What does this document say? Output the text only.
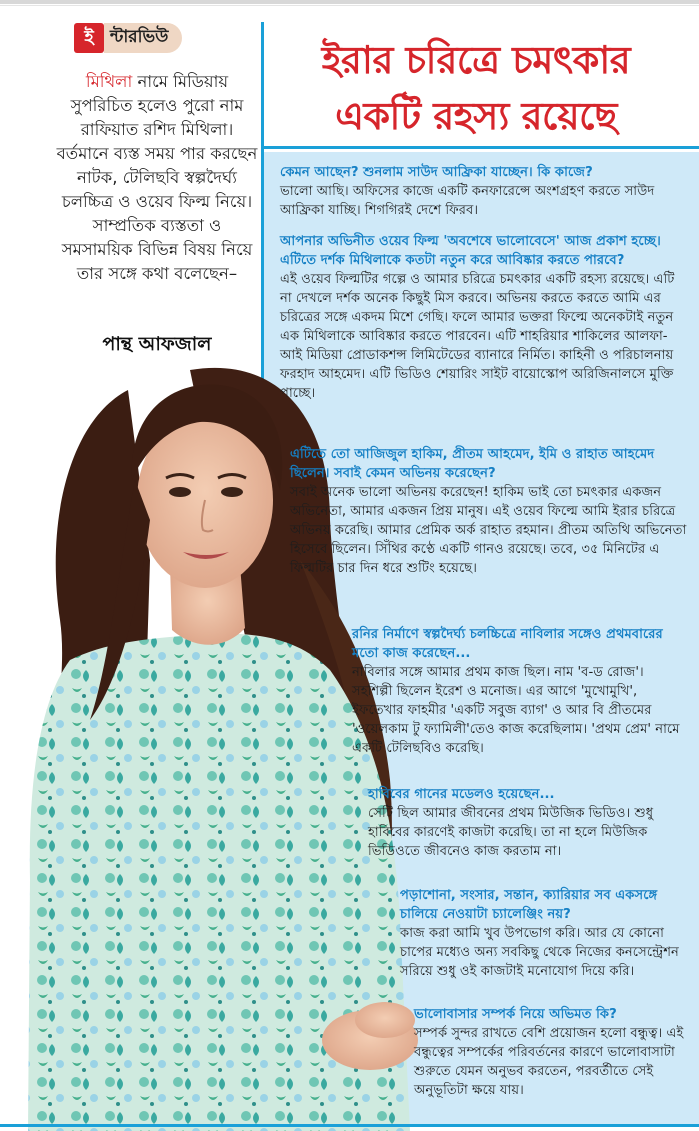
ই ন্টারভিউ

মিথিলা নামে মিডিয়ায় সুপরিচিত হলেও পুরো নাম রাফিয়াত রশিদ মিথিলা। বর্তমানে ব্যস্ত সময় পার করছেন নাটক, টেলিছবি স্বল্পদৈর্ঘ্য চলচ্চিত্র ও ওয়েব ফিল্ম নিয়ে। সাম্প্রতিক ব্যস্ততা ও সমসাময়িক বিভিন্ন বিষয় নিয়ে তার সঙ্গে কথা বলেছেন–

পান্থ আফজাল
ইরার চরিত্রে চমৎকার
একটি রহস্য রয়েছে
কেমন আছেন? শুনলাম সাউদ আফ্রিকা যাচ্ছেন। কি কাজে?
ভালো আছি। অফিসের কাজে একটি কনফারেন্সে অংশগ্রহণ করতে সাউদ আফ্রিকা যাচ্ছি। শিগগিরই দেশে ফিরব।
আপনার অভিনীত ওয়েব ফিল্ম 'অবশেষে ভালোবেসে' আজ প্রকাশ হচ্ছে। এটিতে দর্শক মিথিলাকে কতটা নতুন করে আবিষ্কার করতে পারবে?
এই ওয়েব ফিল্মটির গল্পে ও আমার চরিত্রে চমৎকার একটি রহস্য রয়েছে। এটি না দেখলে দর্শক অনেক কিছুই মিস করবে। অভিনয় করতে করতে আমি এর চরিত্রের সঙ্গে একদম মিশে গেছি। ফলে আমার ভক্তরা ফিল্মে অনেকটাই নতুন এক মিথিলাকে আবিষ্কার করতে পারবেন। এটি শাহরিয়ার শাকিলের আলফা-আই মিডিয়া প্রোডাকশন্স লিমিটেডের ব্যানারে নির্মিত। কাহিনী ও পরিচালনায় ফরহাদ আহমেদ। এটি ভিডিও শেয়ারিং সাইট বায়োস্কোপ অরিজিনালসে মুক্তি পাচ্ছে।
এটিতে তো আজিজুল হাকিম, প্রীতম আহমেদ, ইমি ও রাহাত আহমেদ ছিলেন। সবাই কেমন অভিনয় করেছেন?
সবাই অনেক ভালো অভিনয় করেছেন! হাকিম ভাই তো চমৎকার একজন অভিনেতা, আমার একজন প্রিয় মানুষ। এই ওয়েব ফিল্মে আমি ইরার চরিত্রে অভিনয় করেছি। আমার প্রেমিক অর্ক রাহাত রহমান। প্রীতম অতিথি অভিনেতা হিসেবে ছিলেন। সিঁথির কণ্ঠে একটি গানও রয়েছে। তবে, ৩৫ মিনিটের এ ফিল্মটির চার দিন ধরে শুটিং হয়েছে।
রনির নির্মাণে স্বল্পদৈর্ঘ্য চলচ্চিত্রে নাবিলার সঙ্গেও প্রথমবারের মতো কাজ করেছেন...
নাবিলার সঙ্গে আমার প্রথম কাজ ছিল। নাম 'ব-ড রোজ'। সহশিল্পী ছিলেন ইরেশ ও মনোজ। এর আগে 'মুখোমুখি', ইফতেখার ফাহমীর 'একটি সবুজ ব্যাগ' ও আর বি প্রীতমের 'ওয়েলকাম টু ফ্যামিলী'তেও কাজ করেছিলাম। 'প্রথম প্রেম' নামে একটি টেলিছবিও করেছি।
হাবিবের গানের মডেলও হয়েছেন...
সেটি ছিল আমার জীবনের প্রথম মিউজিক ভিডিও। শুধু হাবিবের কারণেই কাজটা করেছি। তা না হলে মিউজিক ভিডিওতে জীবনেও কাজ করতাম না।
পড়াশোনা, সংসার, সন্তান, ক্যারিয়ার সব একসঙ্গে চালিয়ে নেওয়াটা চ্যালেঞ্জিং নয়?
কাজ করা আমি খুব উপভোগ করি। আর যে কোনো চাপের মধ্যেও অন্য সবকিছু থেকে নিজের কনসেন্ট্রেশন সরিয়ে শুধু ওই কাজটাই মনোযোগ দিয়ে করি।
ভালোবাসার সম্পর্ক নিয়ে অভিমত কি?
সম্পর্ক সুন্দর রাখতে বেশি প্রয়োজন হলো বন্ধুত্ব। এই বন্ধুত্বের সম্পর্কের পরিবর্তনের কারণে ভালোবাসাটা শুরুতে যেমন অনুভব করতেন, পরবর্তীতে সেই অনুভূতিটা ক্ষয়ে যায়।
